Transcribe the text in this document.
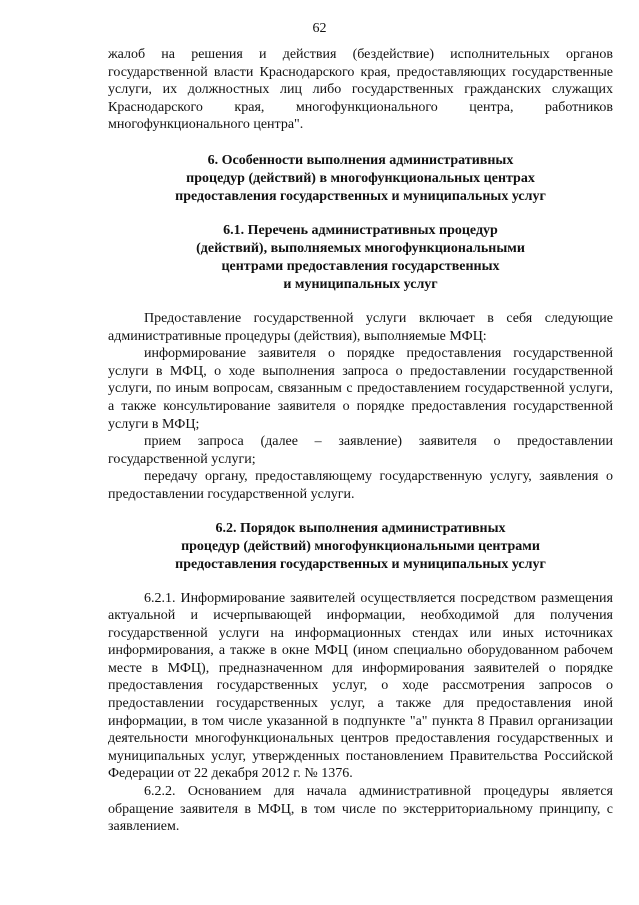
62

жалоб на решения и действия (бездействие) исполнительных органов государственной власти Краснодарского края, предоставляющих государственные услуги, их должностных лиц либо государственных гражданских служащих Краснодарского края, многофункционального центра, работников многофункционального центра".

6. Особенности выполнения административных
процедур (действий) в многофункциональных центрах
предоставления государственных и муниципальных услуг
6.1. Перечень административных процедур
(действий), выполняемых многофункциональными
центрами предоставления государственных
и муниципальных услуг

Предоставление государственной услуги включает в себя следующие административные процедуры (действия), выполняемые МФЦ:

информирование заявителя о порядке предоставления государственной услуги в МФЦ, о ходе выполнения запроса о предоставлении государственной услуги, по иным вопросам, связанным с предоставлением государственной услуги, а также консультирование заявителя о порядке предоставления государственной услуги в МФЦ;

прием запроса (далее – заявление) заявителя о предоставлении государственной услуги;

передачу органу, предоставляющему государственную услугу, заявления о предоставлении государственной услуги.

6.2. Порядок выполнения административных
процедур (действий) многофункциональными центрами
предоставления государственных и муниципальных услуг

6.2.1. Информирование заявителей осуществляется посредством размещения актуальной и исчерпывающей информации, необходимой для получения государственной услуги на информационных стендах или иных источниках информирования, а также в окне МФЦ (ином специально оборудованном рабочем месте в МФЦ), предназначенном для информирования заявителей о порядке предоставления государственных услуг, о ходе рассмотрения запросов о предоставлении государственных услуг, а также для предоставления иной информации, в том числе указанной в подпункте "а" пункта 8 Правил организации деятельности многофункциональных центров предоставления государственных и муниципальных услуг, утвержденных постановлением Правительства Российской Федерации от 22 декабря 2012 г. № 1376.

6.2.2. Основанием для начала административной процедуры является обращение заявителя в МФЦ, в том числе по экстерриториальному принципу, с заявлением.
